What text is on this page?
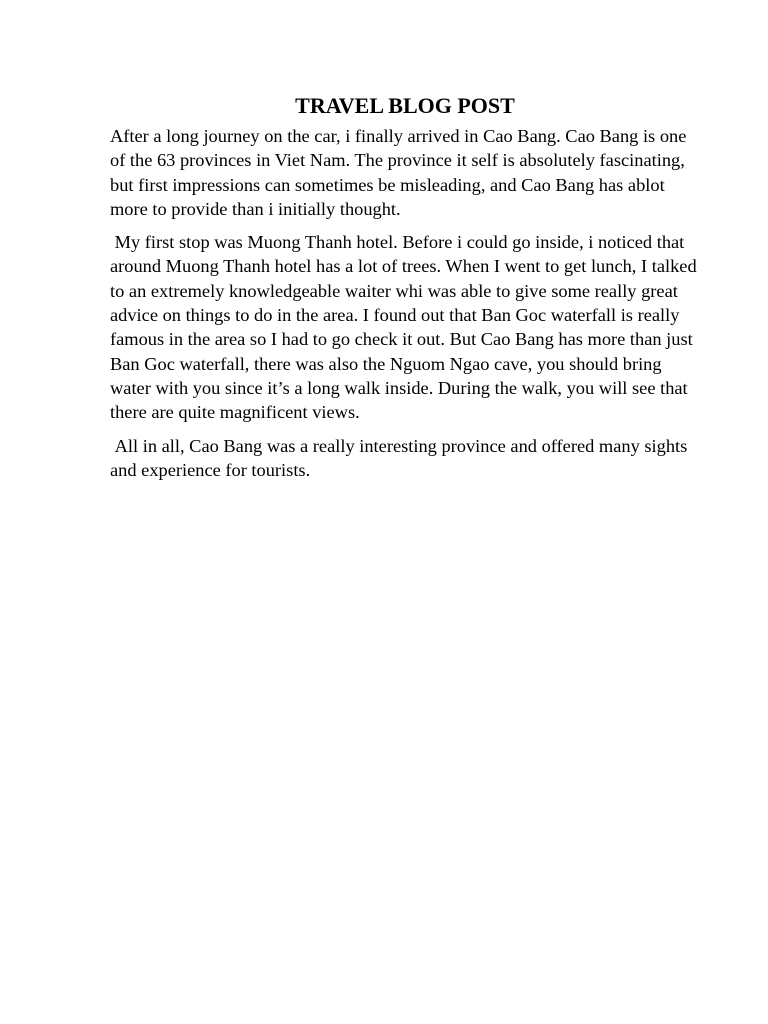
TRAVEL BLOG POST

After a long journey on the car, i finally arrived in Cao Bang. Cao Bang is one of the 63 provinces in Viet Nam. The province it self is absolutely fascinating, but first impressions can sometimes be misleading, and Cao Bang has ablot more to provide than i initially thought.

My first stop was Muong Thanh hotel. Before i could go inside, i noticed that around Muong Thanh hotel has a lot of trees. When I went to get lunch, I talked to an extremely knowledgeable waiter whi was able to give some really great advice on things to do in the area. I found out that Ban Goc waterfall is really  famous in the area so I had to go check it out. But Cao Bang has more than just Ban Goc waterfall, there was also the Nguom Ngao cave, you should bring water with you since it’s a long walk inside. During the walk, you will see that there are quite magnificent views.

All in all, Cao Bang was a really interesting province and offered many sights and experience for tourists.
